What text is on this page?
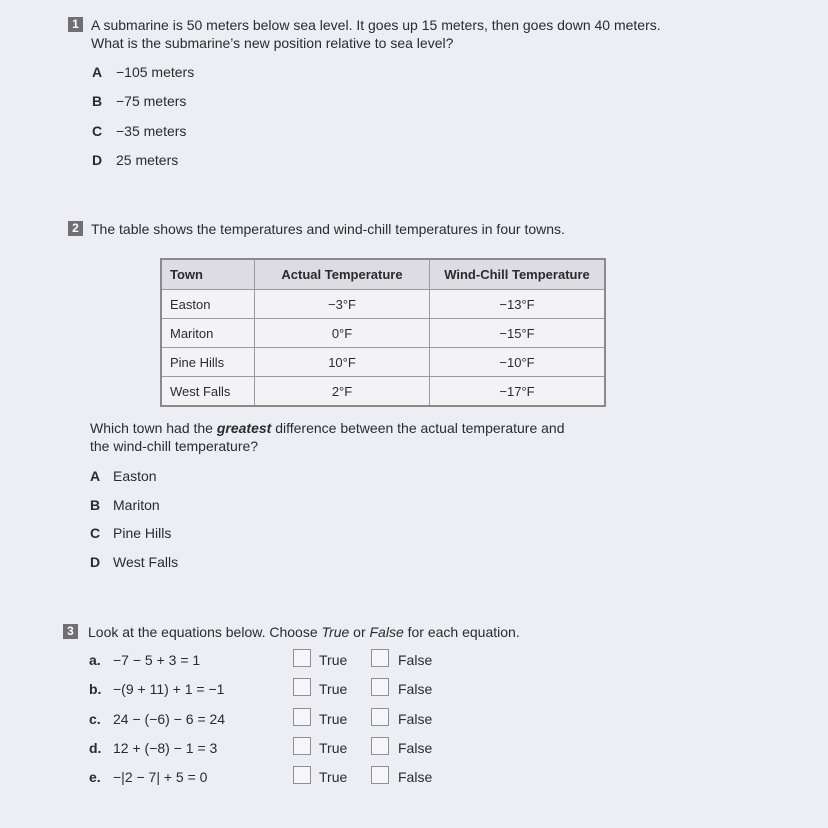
1 A submarine is 50 meters below sea level. It goes up 15 meters, then goes down 40 meters.
What is the submarine’s new position relative to sea level?
A −105 meters
B −75 meters
C −35 meters
D 25 meters
2 The table shows the temperatures and wind-chill temperatures in four towns.
Town	Actual Temperature	Wind-Chill Temperature
Easton	−3°F	−13°F
Mariton	0°F	−15°F
Pine Hills	10°F	−10°F
West Falls	2°F	−17°F
Which town had the greatest difference between the actual temperature and
the wind-chill temperature?
A Easton
B Mariton
C Pine Hills
D West Falls
3 Look at the equations below. Choose True or False for each equation.
a. −7 − 5 + 3 = 1	True	False
b. −(9 + 11) + 1 = −1	True	False
c. 24 − (−6) − 6 = 24	True	False
d. 12 + (−8) − 1 = 3	True	False
e. −|2 − 7| + 5 = 0	True	False
